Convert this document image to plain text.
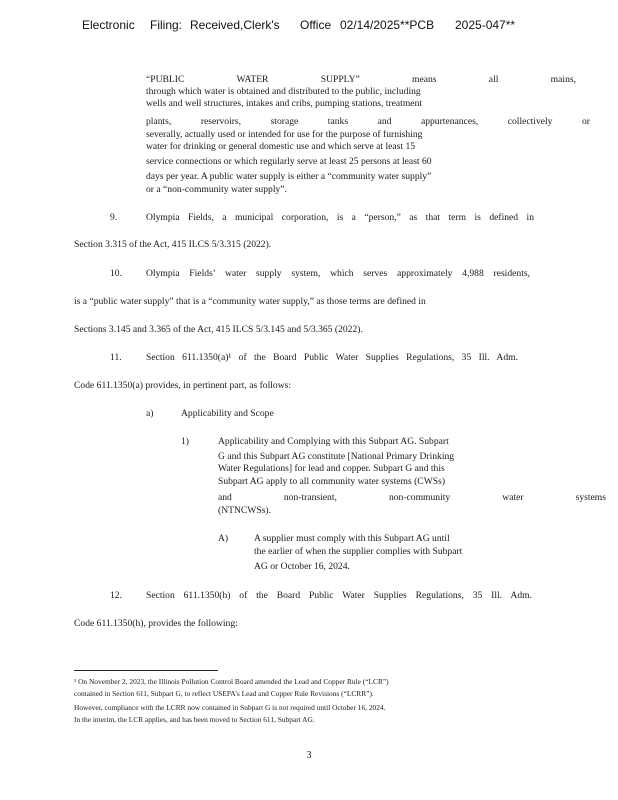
Electronic Filing: Received,Clerk's Office 02/14/2025**PCB 2025-047**
“PUBLIC WATER SUPPLY” means all mains,
through which water is obtained and distributed to the public, including
wells and well structures, intakes and cribs, pumping stations, treatment
plants, reservoirs, storage tanks and appurtenances, collectively or
severally, actually used or intended for use for the purpose of furnishing
water for drinking or general domestic use and which serve at least 15
service connections or which regularly serve at least 25 persons at least 60
days per year. A public water supply is either a “community water supply”
or a “non-community water supply”.
9.	Olympia Fields, a municipal corporation, is a “person,” as that term is defined in
Section 3.315 of the Act, 415 ILCS 5/3.315 (2022).
10.	Olympia Fields’ water supply system, which serves approximately 4,988 residents,
is a “public water supply” that is a “community water supply,” as those terms are defined in
Sections 3.145 and 3.365 of the Act, 415 ILCS 5/3.145 and 5/3.365 (2022).
11.	Section 611.1350(a)¹ of the Board Public Water Supplies Regulations, 35 Ill. Adm.
Code 611.1350(a) provides, in pertinent part, as follows:
a)	Applicability and Scope
1)	Applicability and Complying with this Subpart AG. Subpart
G and this Subpart AG constitute [National Primary Drinking
Water Regulations] for lead and copper. Subpart G and this
Subpart AG apply to all community water systems (CWSs)
and non-transient, non-community water systems
(NTNCWSs).
A)	A supplier must comply with this Subpart AG until
the earlier of when the supplier complies with Subpart
AG or October 16, 2024.
12.	Section 611.1350(h) of the Board Public Water Supplies Regulations, 35 Ill. Adm.
Code 611.1350(h), provides the following:
¹ On November 2, 2023, the Illinois Pollution Control Board amended the Lead and Copper Rule (“LCR”)
contained in Section 611, Subpart G, to reflect USEPA’s Lead and Copper Rule Revisions (“LCRR”).
However, compliance with the LCRR now contained in Subpart G is not required until October 16, 2024.
In the interim, the LCR applies, and has been moved to Section 611, Subpart AG.
3
